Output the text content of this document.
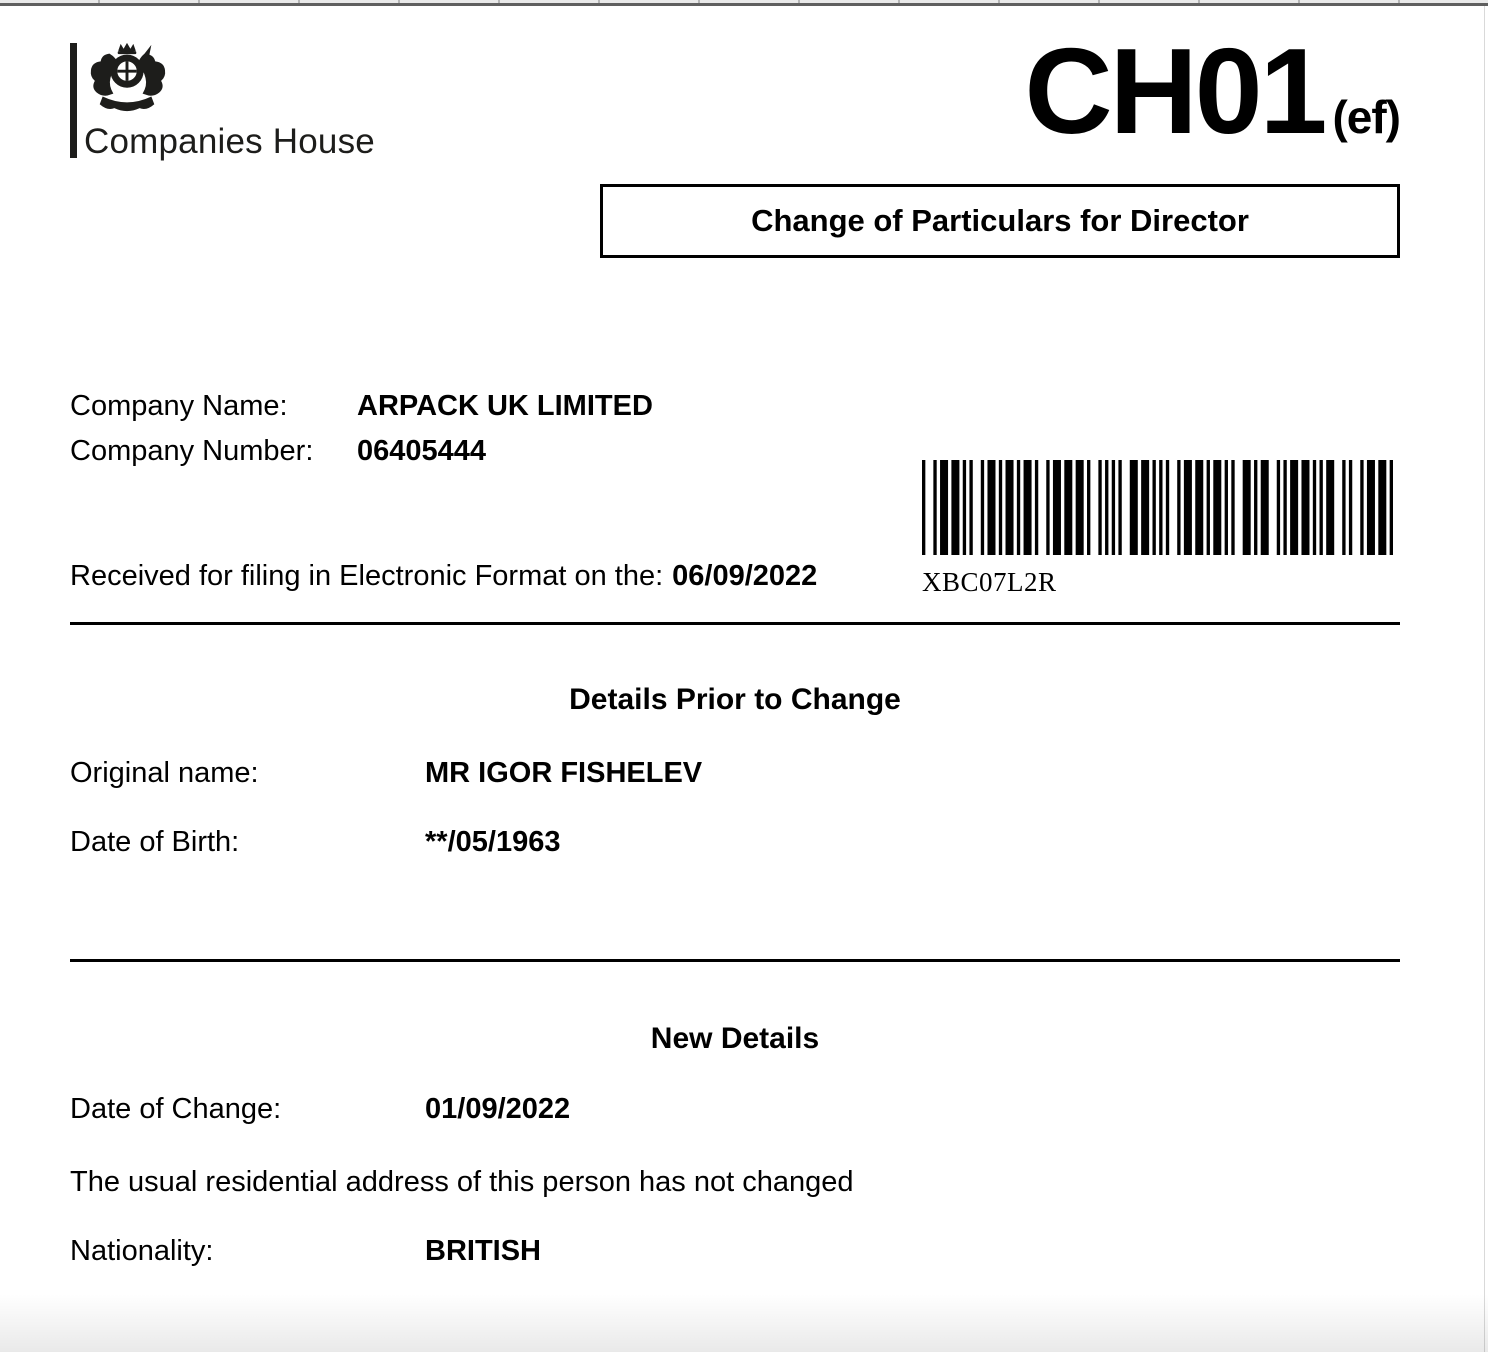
Companies House	CH01 (ef)
Change of Particulars for Director
Company Name:	ARPACK UK LIMITED
Company Number:	06405444
XBC07L2R
Received for filing in Electronic Format on the: 06/09/2022
Details Prior to Change
Original name:	MR IGOR FISHELEV
Date of Birth:	**/05/1963
New Details
Date of Change:	01/09/2022
The usual residential address of this person has not changed
Nationality:	BRITISH
